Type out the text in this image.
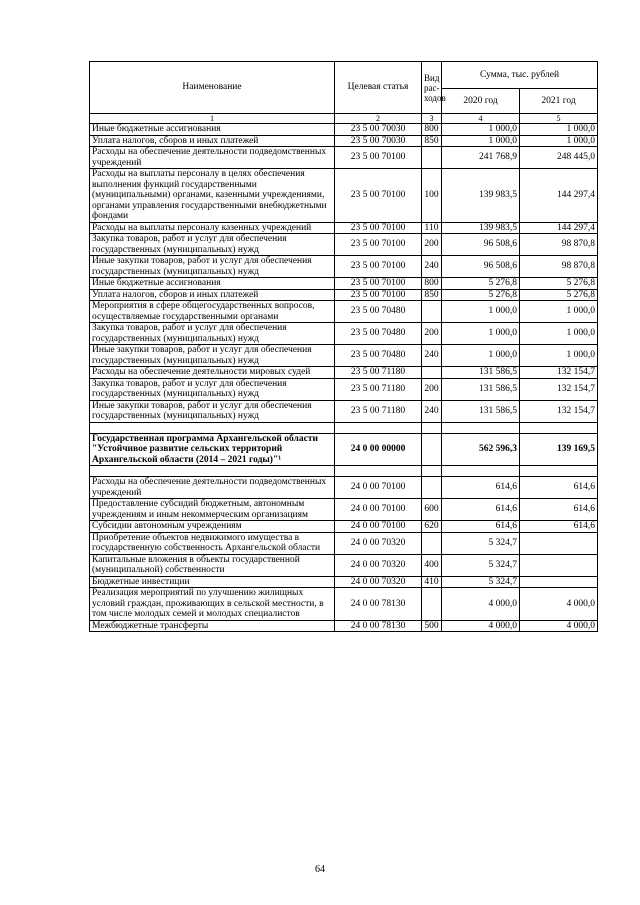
Наименование	Целевая статья	Вид рас-ходов	Сумма, тыс. рублей	
			2020 год	2021 год
1	2	3	4	5
Иные бюджетные ассигнования	23 5 00 70030	800	1 000,0	1 000,0
Уплата налогов, сборов и иных платежей	23 5 00 70030	850	1 000,0	1 000,0
Расходы на обеспечение деятельности подведомственных учреждений	23 5 00 70100		241 768,9	248 445,0
Расходы на выплаты персоналу в целях обеспечения выполнения функций государственными (муниципальными) органами, казенными учреждениями, органами управления государственными внебюджетными фондами	23 5 00 70100	100	139 983,5	144 297,4
Расходы на выплаты персоналу казенных учреждений	23 5 00 70100	110	139 983,5	144 297,4
Закупка товаров, работ и услуг для обеспечения государственных (муниципальных) нужд	23 5 00 70100	200	96 508,6	98 870,8
Иные закупки товаров, работ и услуг для обеспечения государственных (муниципальных) нужд	23 5 00 70100	240	96 508,6	98 870,8
Иные бюджетные ассигнования	23 5 00 70100	800	5 276,8	5 276,8
Уплата налогов, сборов и иных платежей	23 5 00 70100	850	5 276,8	5 276,8
Мероприятия в сфере общегосударственных вопросов, осуществляемые государственными органами	23 5 00 70480		1 000,0	1 000,0
Закупка товаров, работ и услуг для обеспечения государственных (муниципальных) нужд	23 5 00 70480	200	1 000,0	1 000,0
Иные закупки товаров, работ и услуг для обеспечения государственных (муниципальных) нужд	23 5 00 70480	240	1 000,0	1 000,0
Расходы на обеспечение деятельности мировых судей	23 5 00 71180		131 586,5	132 154,7
Закупка товаров, работ и услуг для обеспечения государственных (муниципальных) нужд	23 5 00 71180	200	131 586,5	132 154,7
Иные закупки товаров, работ и услуг для обеспечения государственных (муниципальных) нужд	23 5 00 71180	240	131 586,5	132 154,7

Государственная программа Архангельской области "Устойчивое развитие сельских территорий Архангельской области (2014 – 2021 годы)"¹	24 0 00 00000		562 596,3	139 169,5

Расходы на обеспечение деятельности подведомственных учреждений	24 0 00 70100		614,6	614,6
Предоставление субсидий бюджетным, автономным учреждениям и иным некоммерческим организациям	24 0 00 70100	600	614,6	614,6
Субсидии автономным учреждениям	24 0 00 70100	620	614,6	614,6
Приобретение объектов недвижимого имущества в государственную собственность Архангельской области	24 0 00 70320		5 324,7	
Капитальные вложения в объекты государственной (муниципальной) собственности	24 0 00 70320	400	5 324,7	
Бюджетные инвестиции	24 0 00 70320	410	5 324,7	
Реализация мероприятий по улучшению жилищных условий граждан, проживающих в сельской местности, в том числе молодых семей и молодых специалистов	24 0 00 78130		4 000,0	4 000,0
Межбюджетные трансферты	24 0 00 78130	500	4 000,0	4 000,0
64
